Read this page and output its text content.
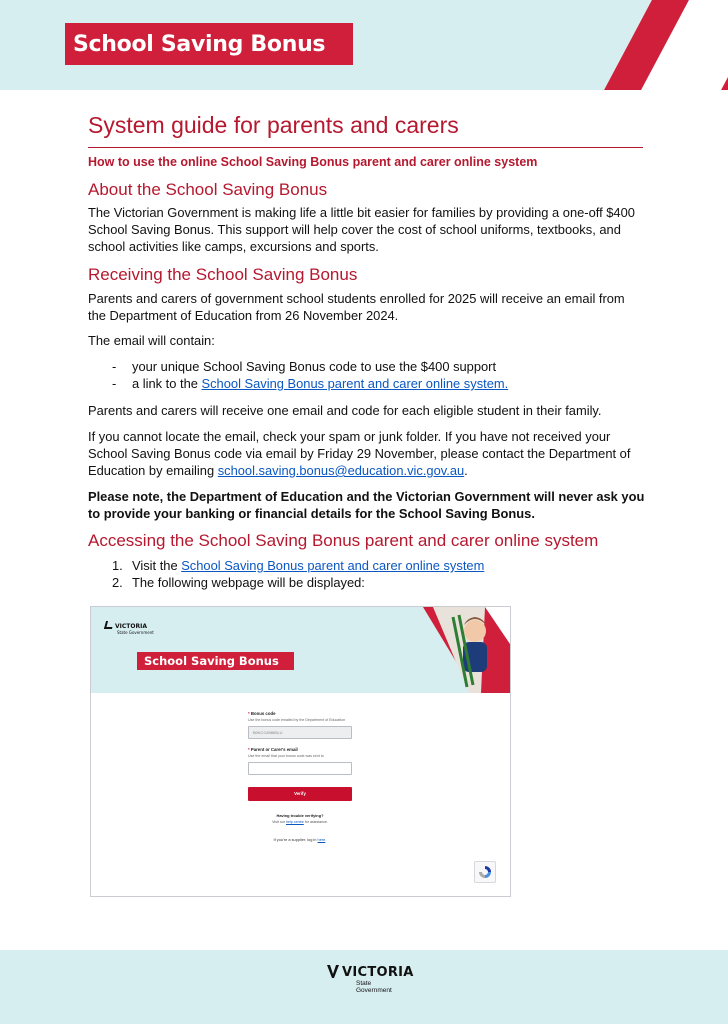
School Saving Bonus
System guide for parents and carers
How to use the online School Saving Bonus parent and carer online system
About the School Saving Bonus

The Victorian Government is making life a little bit easier for families by providing a one-off $400 School Saving Bonus. This support will help cover the cost of school uniforms, textbooks, and school activities like camps, excursions and sports.

Receiving the School Saving Bonus

Parents and carers of government school students enrolled for 2025 will receive an email from the Department of Education from 26 November 2024.

The email will contain:

- your unique School Saving Bonus code to use the $400 support
- a link to the School Saving Bonus parent and carer online system.

Parents and carers will receive one email and code for each eligible student in their family.

If you cannot locate the email, check your spam or junk folder. If you have not received your School Saving Bonus code via email by Friday 29 November, please contact the Department of Education by emailing school.saving.bonus@education.vic.gov.au.

Please note, the Department of Education and the Victorian Government will never ask you to provide your banking or financial details for the School Saving Bonus.

Accessing the School Saving Bonus parent and carer online system
1. Visit the School Saving Bonus parent and carer online system
2. The following webpage will be displayed:
VICTORIA
State Government
School Saving Bonus
* Bonus code
Use the bonus code emailed by the Department of Education
B0KCC89865LU
* Parent or Carer's email
Use the email that your bonus code was sent to
Verify
Having trouble verifying?
Visit our help centre for assistance.
If you're a supplier, log in here.
VICTORIA
State
Government
